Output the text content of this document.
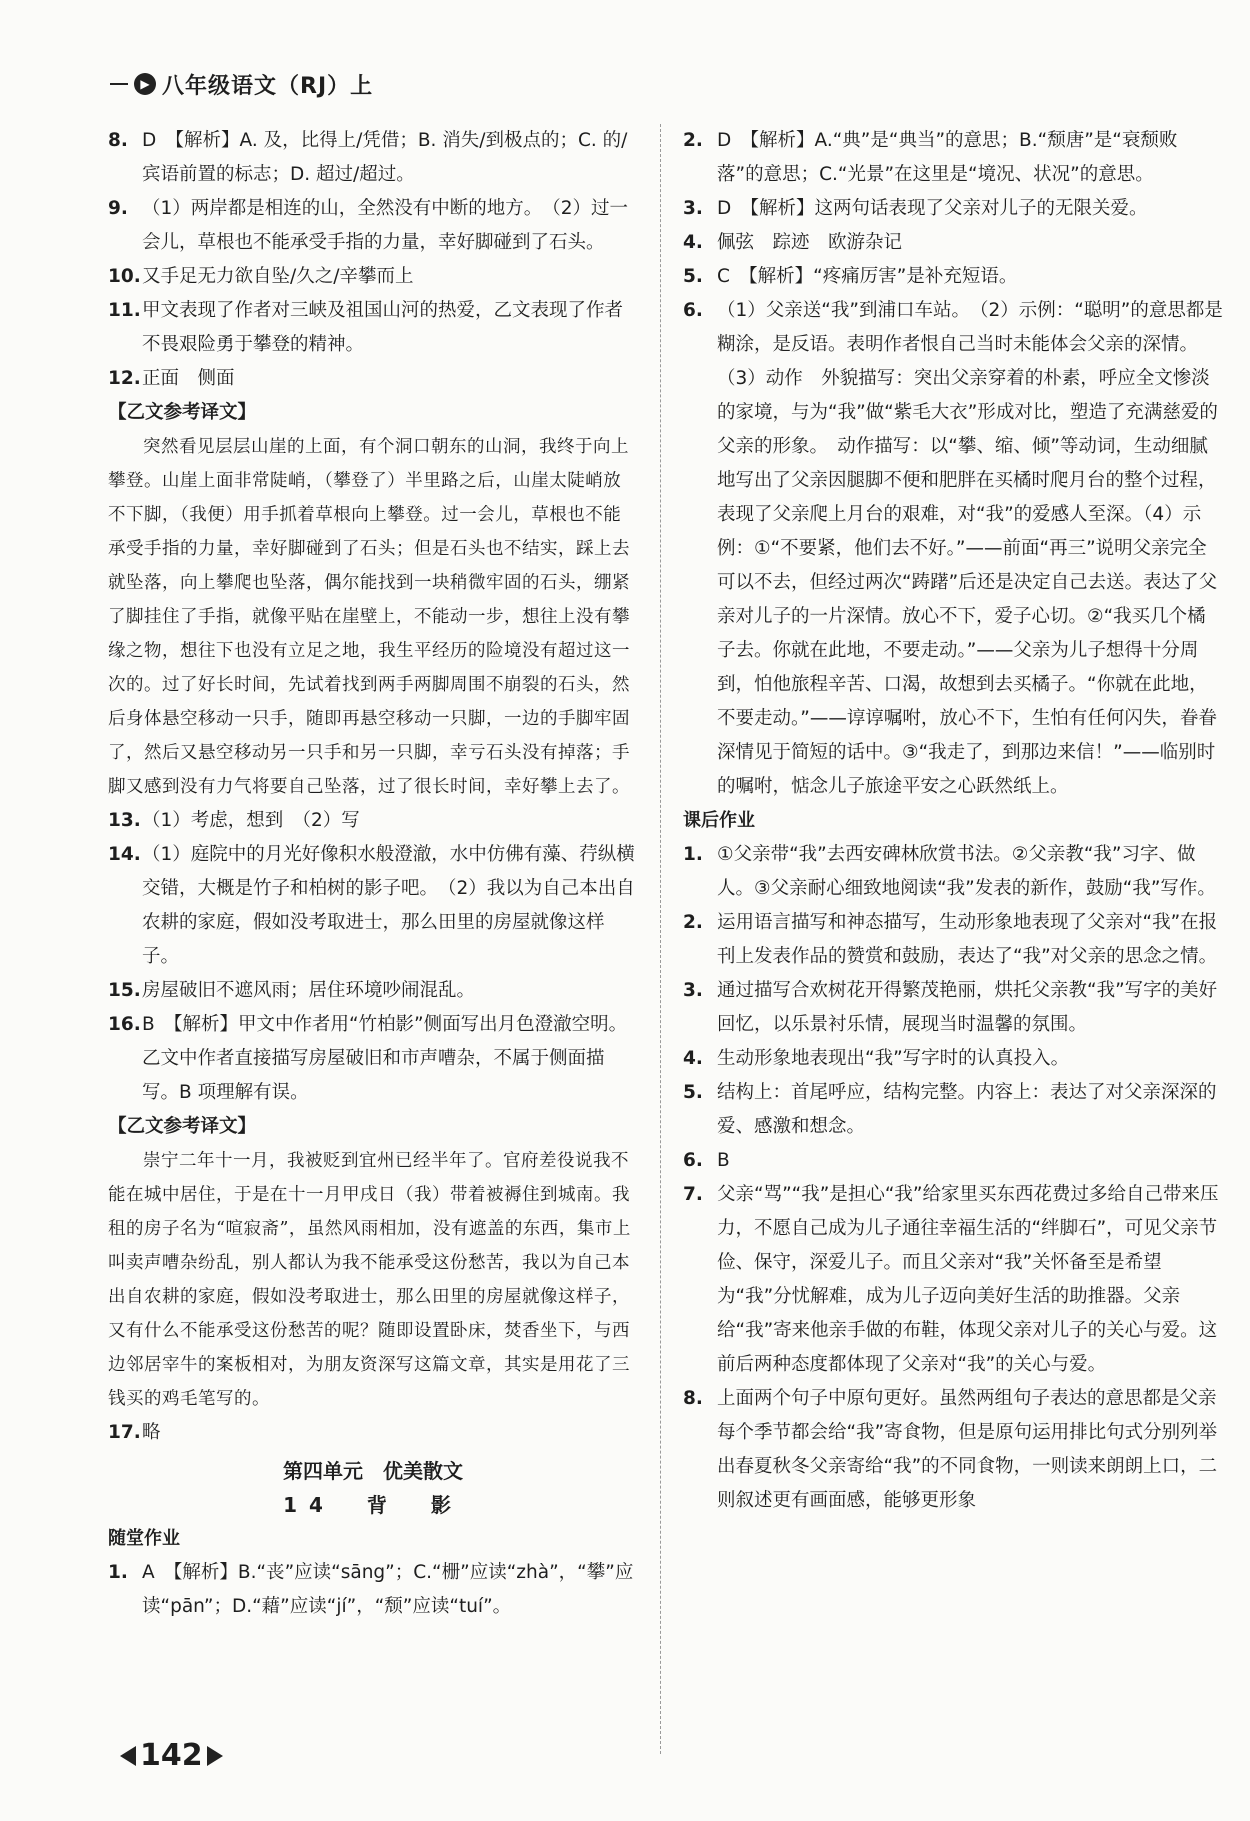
▶ 八年级语文（RJ）上
8. D　【解析】A. 及，比得上/凭借；B. 消失/到极点的；C. 的/宾语前置的标志；D. 超过/超过。
9. （1）两岸都是相连的山，全然没有中断的地方。　（2）过一会儿，草根也不能承受手指的力量，幸好脚碰到了石头。
10. 又手足无力欲自坠/久之/辛攀而上
11. 甲文表现了作者对三峡及祖国山河的热爱，乙文表现了作者不畏艰险勇于攀登的精神。
12. 正面　侧面
【乙文参考译文】
突然看见层层山崖的上面，有个洞口朝东的山洞，我终于向上攀登。山崖上面非常陡峭，（攀登了）半里路之后，山崖太陡峭放不下脚，（我便）用手抓着草根向上攀登。过一会儿，草根也不能承受手指的力量，幸好脚碰到了石头；但是石头也不结实，踩上去就坠落，向上攀爬也坠落，偶尔能找到一块稍微牢固的石头，绷紧了脚挂住了手指，就像平贴在崖壁上，不能动一步，想往上没有攀缘之物，想往下也没有立足之地，我生平经历的险境没有超过这一次的。过了好长时间，先试着找到两手两脚周围不崩裂的石头，然后身体悬空移动一只手，随即再悬空移动一只脚，一边的手脚牢固了，然后又悬空移动另一只手和另一只脚，幸亏石头没有掉落；手脚又感到没有力气将要自己坠落，过了很长时间，幸好攀上去了。
13. （1）考虑，想到　（2）写
14. （1）庭院中的月光好像积水般澄澈，水中仿佛有藻、荇纵横交错，大概是竹子和柏树的影子吧。　（2）我以为自己本出自农耕的家庭，假如没考取进士，那么田里的房屋就像这样子。
15. 房屋破旧不遮风雨；居住环境吵闹混乱。
16. B　【解析】甲文中作者用“竹柏影”侧面写出月色澄澈空明。乙文中作者直接描写房屋破旧和市声嘈杂，不属于侧面描写。B 项理解有误。
【乙文参考译文】
崇宁二年十一月，我被贬到宜州已经半年了。官府差役说我不能在城中居住，于是在十一月甲戌日（我）带着被褥住到城南。我租的房子名为“喧寂斋”，虽然风雨相加，没有遮盖的东西，集市上叫卖声嘈杂纷乱，别人都认为我不能承受这份愁苦，我以为自己本出自农耕的家庭，假如没考取进士，那么田里的房屋就像这样子，又有什么不能承受这份愁苦的呢？随即设置卧床，焚香坐下，与西边邻居宰牛的案板相对，为朋友资深写这篇文章，其实是用花了三钱买的鸡毛笔写的。
17. 略
第四单元　优美散文
14　背　影
随堂作业
1. A　【解析】B.“丧”应读“sāng”；C.“栅”应读“zhà”，“攀”应读“pān”；D.“藉”应读“jí”，“颓”应读“tuí”。
2. D　【解析】A.“典”是“典当”的意思；B.“颓唐”是“衰颓败落”的意思；C.“光景”在这里是“境况、状况”的意思。
3. D　【解析】这两句话表现了父亲对儿子的无限关爱。
4. 佩弦　踪迹　欧游杂记
5. C　【解析】“疼痛厉害”是补充短语。
6. （1）父亲送“我”到浦口车站。　（2）示例：“聪明”的意思都是糊涂，是反语。表明作者恨自己当时未能体会父亲的深情。　（3）动作　外貌描写：突出父亲穿着的朴素，呼应全文惨淡的家境，与为“我”做“紫毛大衣”形成对比，塑造了充满慈爱的父亲的形象。　动作描写：以“攀、缩、倾”等动词，生动细腻地写出了父亲因腿脚不便和肥胖在买橘时爬月台的整个过程，表现了父亲爬上月台的艰难，对“我”的爱感人至深。（4）示例：①“不要紧，他们去不好。”——前面“再三”说明父亲完全可以不去，但经过两次“踌躇”后还是决定自己去送。表达了父亲对儿子的一片深情。放心不下，爱子心切。②“我买几个橘子去。你就在此地，不要走动。”——父亲为儿子想得十分周到，怕他旅程辛苦、口渴，故想到去买橘子。“你就在此地，不要走动。”——谆谆嘱咐，放心不下，生怕有任何闪失，眷眷深情见于简短的话中。③“我走了，到那边来信！”——临别时的嘱咐，惦念儿子旅途平安之心跃然纸上。
课后作业
1. ①父亲带“我”去西安碑林欣赏书法。②父亲教“我”习字、做人。③父亲耐心细致地阅读“我”发表的新作，鼓励“我”写作。
2. 运用语言描写和神态描写，生动形象地表现了父亲对“我”在报刊上发表作品的赞赏和鼓励，表达了“我”对父亲的思念之情。
3. 通过描写合欢树花开得繁茂艳丽，烘托父亲教“我”写字的美好回忆，以乐景衬乐情，展现当时温馨的氛围。
4. 生动形象地表现出“我”写字时的认真投入。
5. 结构上：首尾呼应，结构完整。内容上：表达了对父亲深深的爱、感激和想念。
6. B
7. 父亲“骂”“我”是担心“我”给家里买东西花费过多给自己带来压力，不愿自己成为儿子通往幸福生活的“绊脚石”，可见父亲节俭、保守，深爱儿子。而且父亲对“我”关怀备至是希望为“我”分忧解难，成为儿子迈向美好生活的助推器。父亲给“我”寄来他亲手做的布鞋，体现父亲对儿子的关心与爱。这前后两种态度都体现了父亲对“我”的关心与爱。
8. 上面两个句子中原句更好。虽然两组句子表达的意思都是父亲每个季节都会给“我”寄食物，但是原句运用排比句式分别列举出春夏秋冬父亲寄给“我”的不同食物，一则读来朗朗上口，二则叙述更有画面感，能够更形象
142
